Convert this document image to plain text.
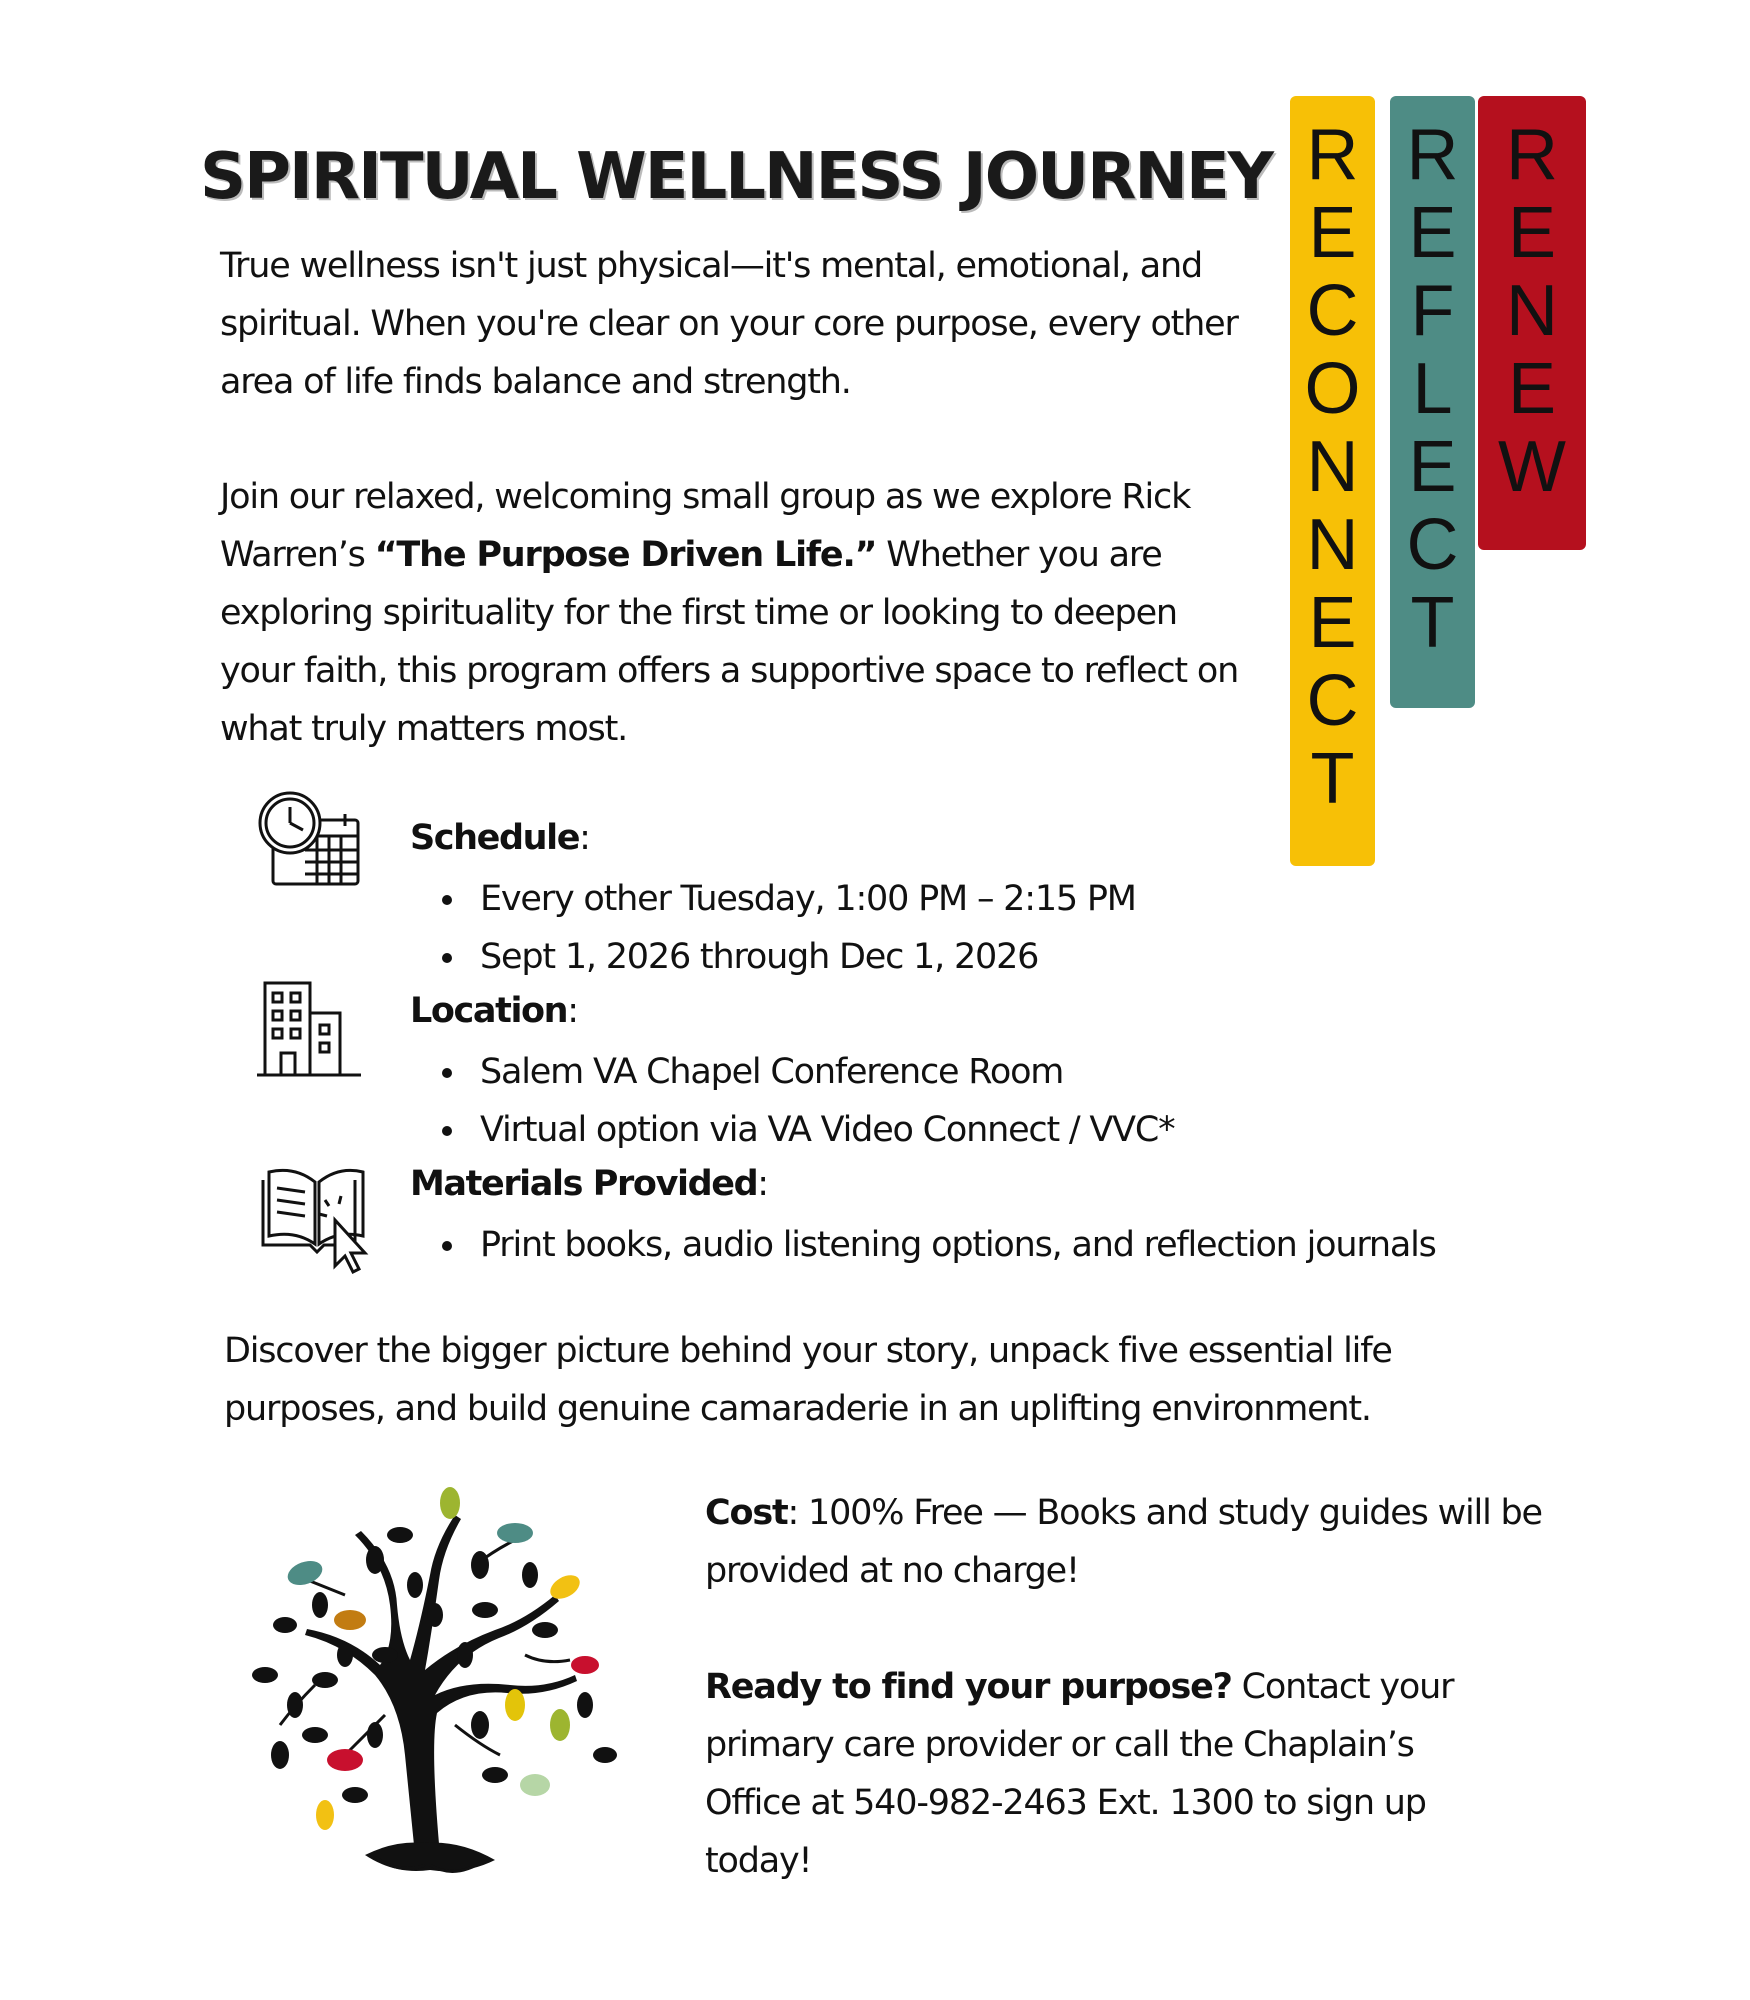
SPIRITUAL WELLNESS JOURNEY
True wellness isn't just physical—it's mental, emotional, and spiritual. When you're clear on your core purpose, every other area of life finds balance and strength.
Join our relaxed, welcoming small group as we explore Rick Warren’s “The Purpose Driven Life.” Whether you are exploring spirituality for the first time or looking to deepen your faith, this program offers a supportive space to reflect on what truly matters most.
R
E
C
O
N
N
E
C
T
R
E
F
L
E
C
T
R
E
N
E
W
Schedule:
Every other Tuesday, 1:00 PM – 2:15 PM
Sept 1, 2026 through Dec 1, 2026
Location:
Salem VA Chapel Conference Room
Virtual option via VA Video Connect / VVC*
Materials Provided:
Print books, audio listening options, and reflection journals
Discover the bigger picture behind your story, unpack five essential life purposes, and build genuine camaraderie in an uplifting environment.
Cost: 100% Free — Books and study guides will be provided at no charge!
Ready to find your purpose? Contact your primary care provider or call the Chaplain’s Office at 540-982-2463 Ext. 1300 to sign up today!
